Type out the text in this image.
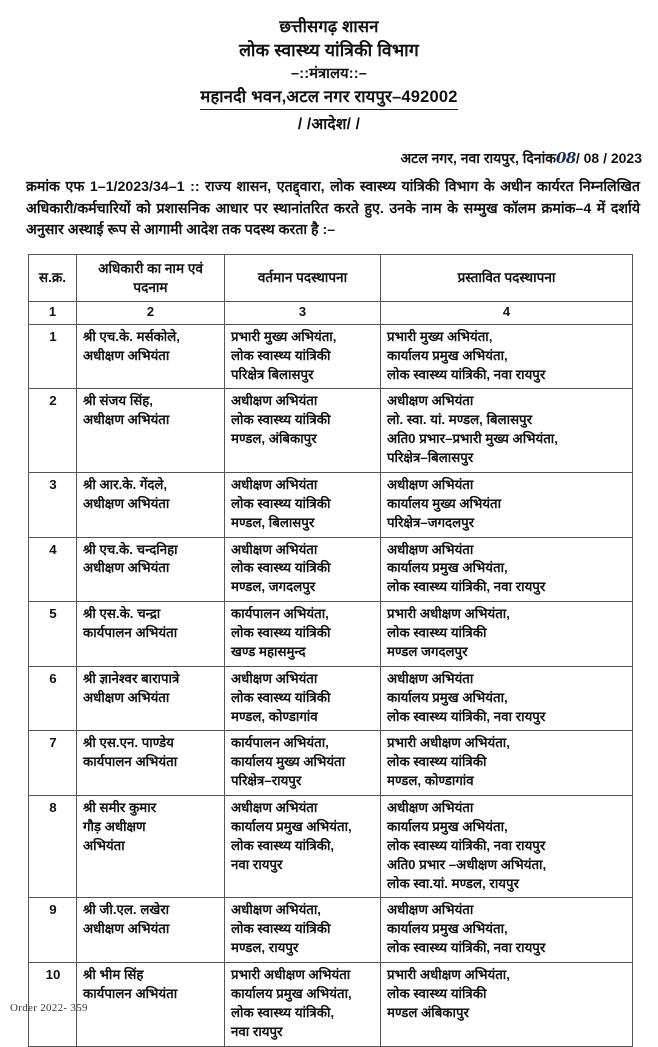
छत्तीसगढ़ शासन
लोक स्वास्थ्य यांत्रिकी विभाग
–::मंत्रालय::–
महानदी भवन,अटल नगर रायपुर–492002
/ /आदेश/ /
अटल नगर, नवा रायपुर, दिनांक08/ 08 / 2023

क्रमांक एफ 1–1/2023/34–1 :: राज्य शासन, एतद्द्वारा, लोक स्वास्थ्य यांत्रिकी विभाग के अधीन कार्यरत निम्नलिखित अधिकारी/कर्मचारियों को प्रशासनिक आधार पर स्थानांतरित करते हुए. उनके नाम के सम्मुख कॉलम क्रमांक–4 में दर्शाये अनुसार अस्थाई रूप से आगामी आदेश तक पदस्थ करता है :–

स.क्र.	अधिकारी का नाम एवं पदनाम	वर्तमान पदस्थापना	प्रस्तावित पदस्थापना
1	2	3	4
1	श्री एच.के. मर्सकोले,
अधीक्षण अभियंता	प्रभारी मुख्य अभियंता,
लोक स्वास्थ्य यांत्रिकी
परिक्षेत्र बिलासपुर	प्रभारी मुख्य अभियंता,
कार्यालय प्रमुख अभियंता,
लोक स्वास्थ्य यांत्रिकी, नवा रायपुर

2	श्री संजय सिंह,
अधीक्षण अभियंता	अधीक्षण अभियंता
लोक स्वास्थ्य यांत्रिकी
मण्डल, अंबिकापुर	अधीक्षण अभियंता
लो. स्वा. यां. मण्डल, बिलासपुर
अति0 प्रभार–प्रभारी मुख्य अभियंता,
परिक्षेत्र–बिलासपुर

3	श्री आर.के. गेंदले,
अधीक्षण अभियंता	अधीक्षण अभियंता
लोक स्वास्थ्य यांत्रिकी
मण्डल, बिलासपुर	अधीक्षण अभियंता
कार्यालय मुख्य अभियंता
परिक्षेत्र–जगदलपुर

4	श्री एच.के. चन्दनिहा
अधीक्षण अभियंता	अधीक्षण अभियंता
लोक स्वास्थ्य यांत्रिकी
मण्डल, जगदलपुर	अधीक्षण अभियंता
कार्यालय प्रमुख अभियंता,
लोक स्वास्थ्य यांत्रिकी, नवा रायपुर

5	श्री एस.के. चन्द्रा
कार्यपालन अभियंता	कार्यपालन अभियंता,
लोक स्वास्थ्य यांत्रिकी
खण्ड महासमुन्द	प्रभारी अधीक्षण अभियंता,
लोक स्वास्थ्य यांत्रिकी
मण्डल जगदलपुर

6	श्री ज्ञानेश्वर बारापात्रे
अधीक्षण अभियंता	अधीक्षण अभियंता
लोक स्वास्थ्य यांत्रिकी
मण्डल, कोण्डागांव	अधीक्षण अभियंता
कार्यालय प्रमुख अभियंता,
लोक स्वास्थ्य यांत्रिकी, नवा रायपुर

7	श्री एस.एन. पाण्डेय
कार्यपालन अभियंता	कार्यपालन अभियंता,
कार्यालय मुख्य अभियंता
परिक्षेत्र–रायपुर	प्रभारी अधीक्षण अभियंता,
लोक स्वास्थ्य यांत्रिकी
मण्डल, कोण्डागांव

8	श्री समीर कुमार
गौड़ अधीक्षण
अभियंता	अधीक्षण अभियंता
कार्यालय प्रमुख अभियंता,
लोक स्वास्थ्य यांत्रिकी,
नवा रायपुर	अधीक्षण अभियंता
कार्यालय प्रमुख अभियंता,
लोक स्वास्थ्य यांत्रिकी, नवा रायपुर
अति0 प्रभार –अधीक्षण अभियंता,
लोक स्वा.यां. मण्डल, रायपुर

9	श्री जी.एल. लखेरा
अधीक्षण अभियंता	अधीक्षण अभियंता,
लोक स्वास्थ्य यांत्रिकी
मण्डल, रायपुर	अधीक्षण अभियंता
कार्यालय प्रमुख अभियंता,
लोक स्वास्थ्य यांत्रिकी, नवा रायपुर

10	श्री भीम सिंह
कार्यपालन अभियंता	प्रभारी अधीक्षण अभियंता
कार्यालय प्रमुख अभियंता,
लोक स्वास्थ्य यांत्रिकी,
नवा रायपुर	प्रभारी अधीक्षण अभियंता,
लोक स्वास्थ्य यांत्रिकी
मण्डल अंबिकापुर
Order 2022- 359
